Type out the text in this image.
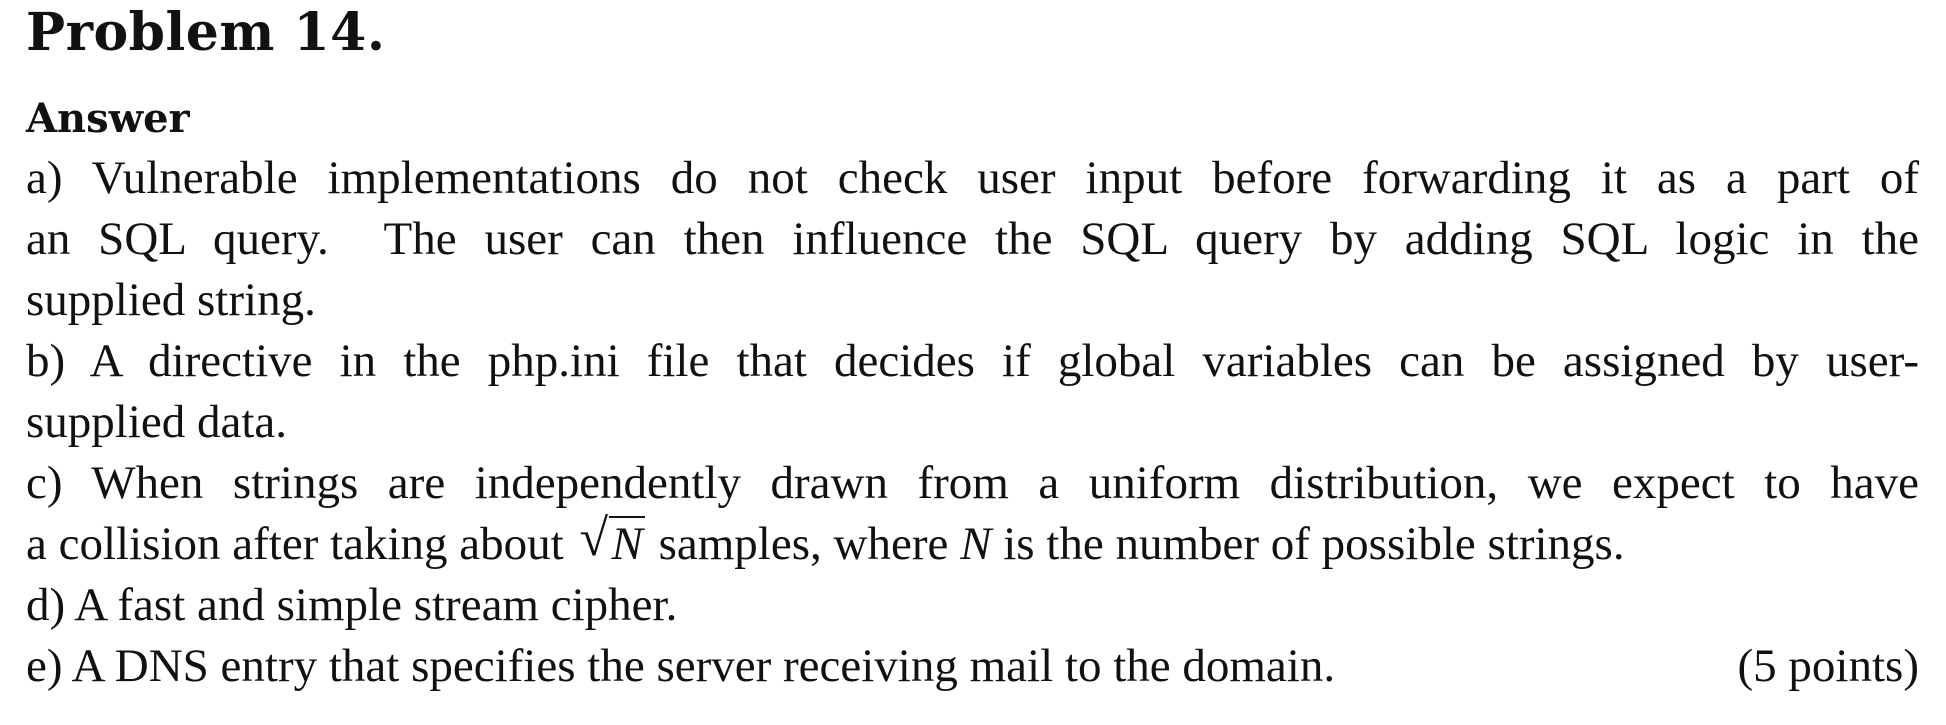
Problem 14.
Answer
a) Vulnerable implementations do not check user input before forwarding it as a part of
an SQL query.  The user can then influence the SQL query by adding SQL logic in the
supplied string.
b) A directive in the php.ini file that decides if global variables can be assigned by user-
supplied data.
c) When strings are independently drawn from a uniform distribution, we expect to have
a collision after taking about √ N samples, where N is the number of possible strings.
d) A fast and simple stream cipher.
e) A DNS entry that specifies the server receiving mail to the domain.	(5 points)
